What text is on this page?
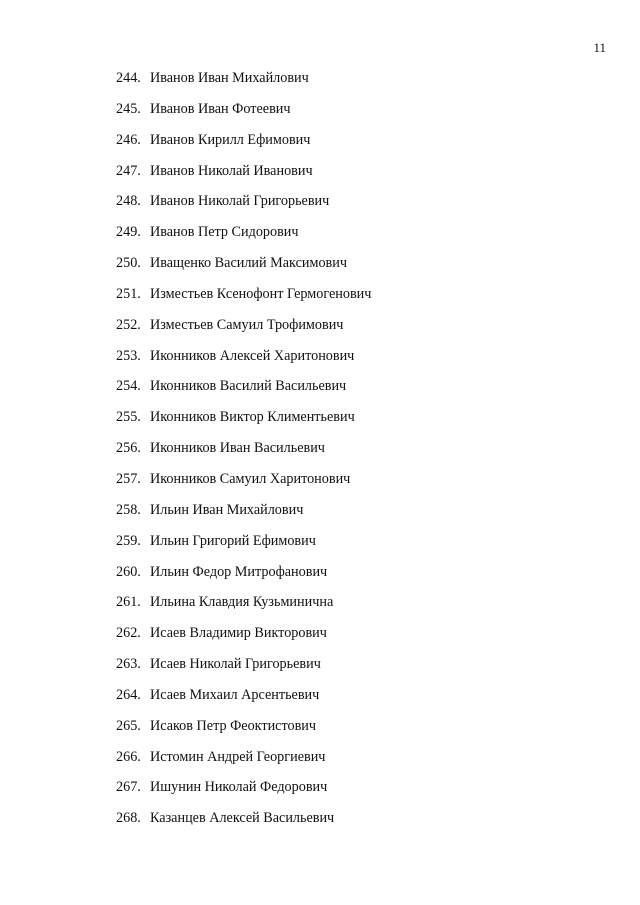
11
244. Иванов Иван Михайлович
245. Иванов Иван Фотеевич
246. Иванов Кирилл Ефимович
247. Иванов Николай Иванович
248. Иванов Николай Григорьевич
249. Иванов Петр Сидорович
250. Иващенко Василий Максимович
251. Изместьев Ксенофонт Гермогенович
252. Изместьев Самуил Трофимович
253. Иконников Алексей Харитонович
254. Иконников Василий Васильевич
255. Иконников Виктор Климентьевич
256. Иконников Иван Васильевич
257. Иконников Самуил Харитонович
258. Ильин Иван Михайлович
259. Ильин Григорий Ефимович
260. Ильин Федор Митрофанович
261. Ильина Клавдия Кузьминична
262. Исаев Владимир Викторович
263. Исаев Николай Григорьевич
264. Исаев Михаил Арсентьевич
265. Исаков Петр Феоктистович
266. Истомин Андрей Георгиевич
267. Ишунин Николай Федорович
268. Казанцев Алексей Васильевич
